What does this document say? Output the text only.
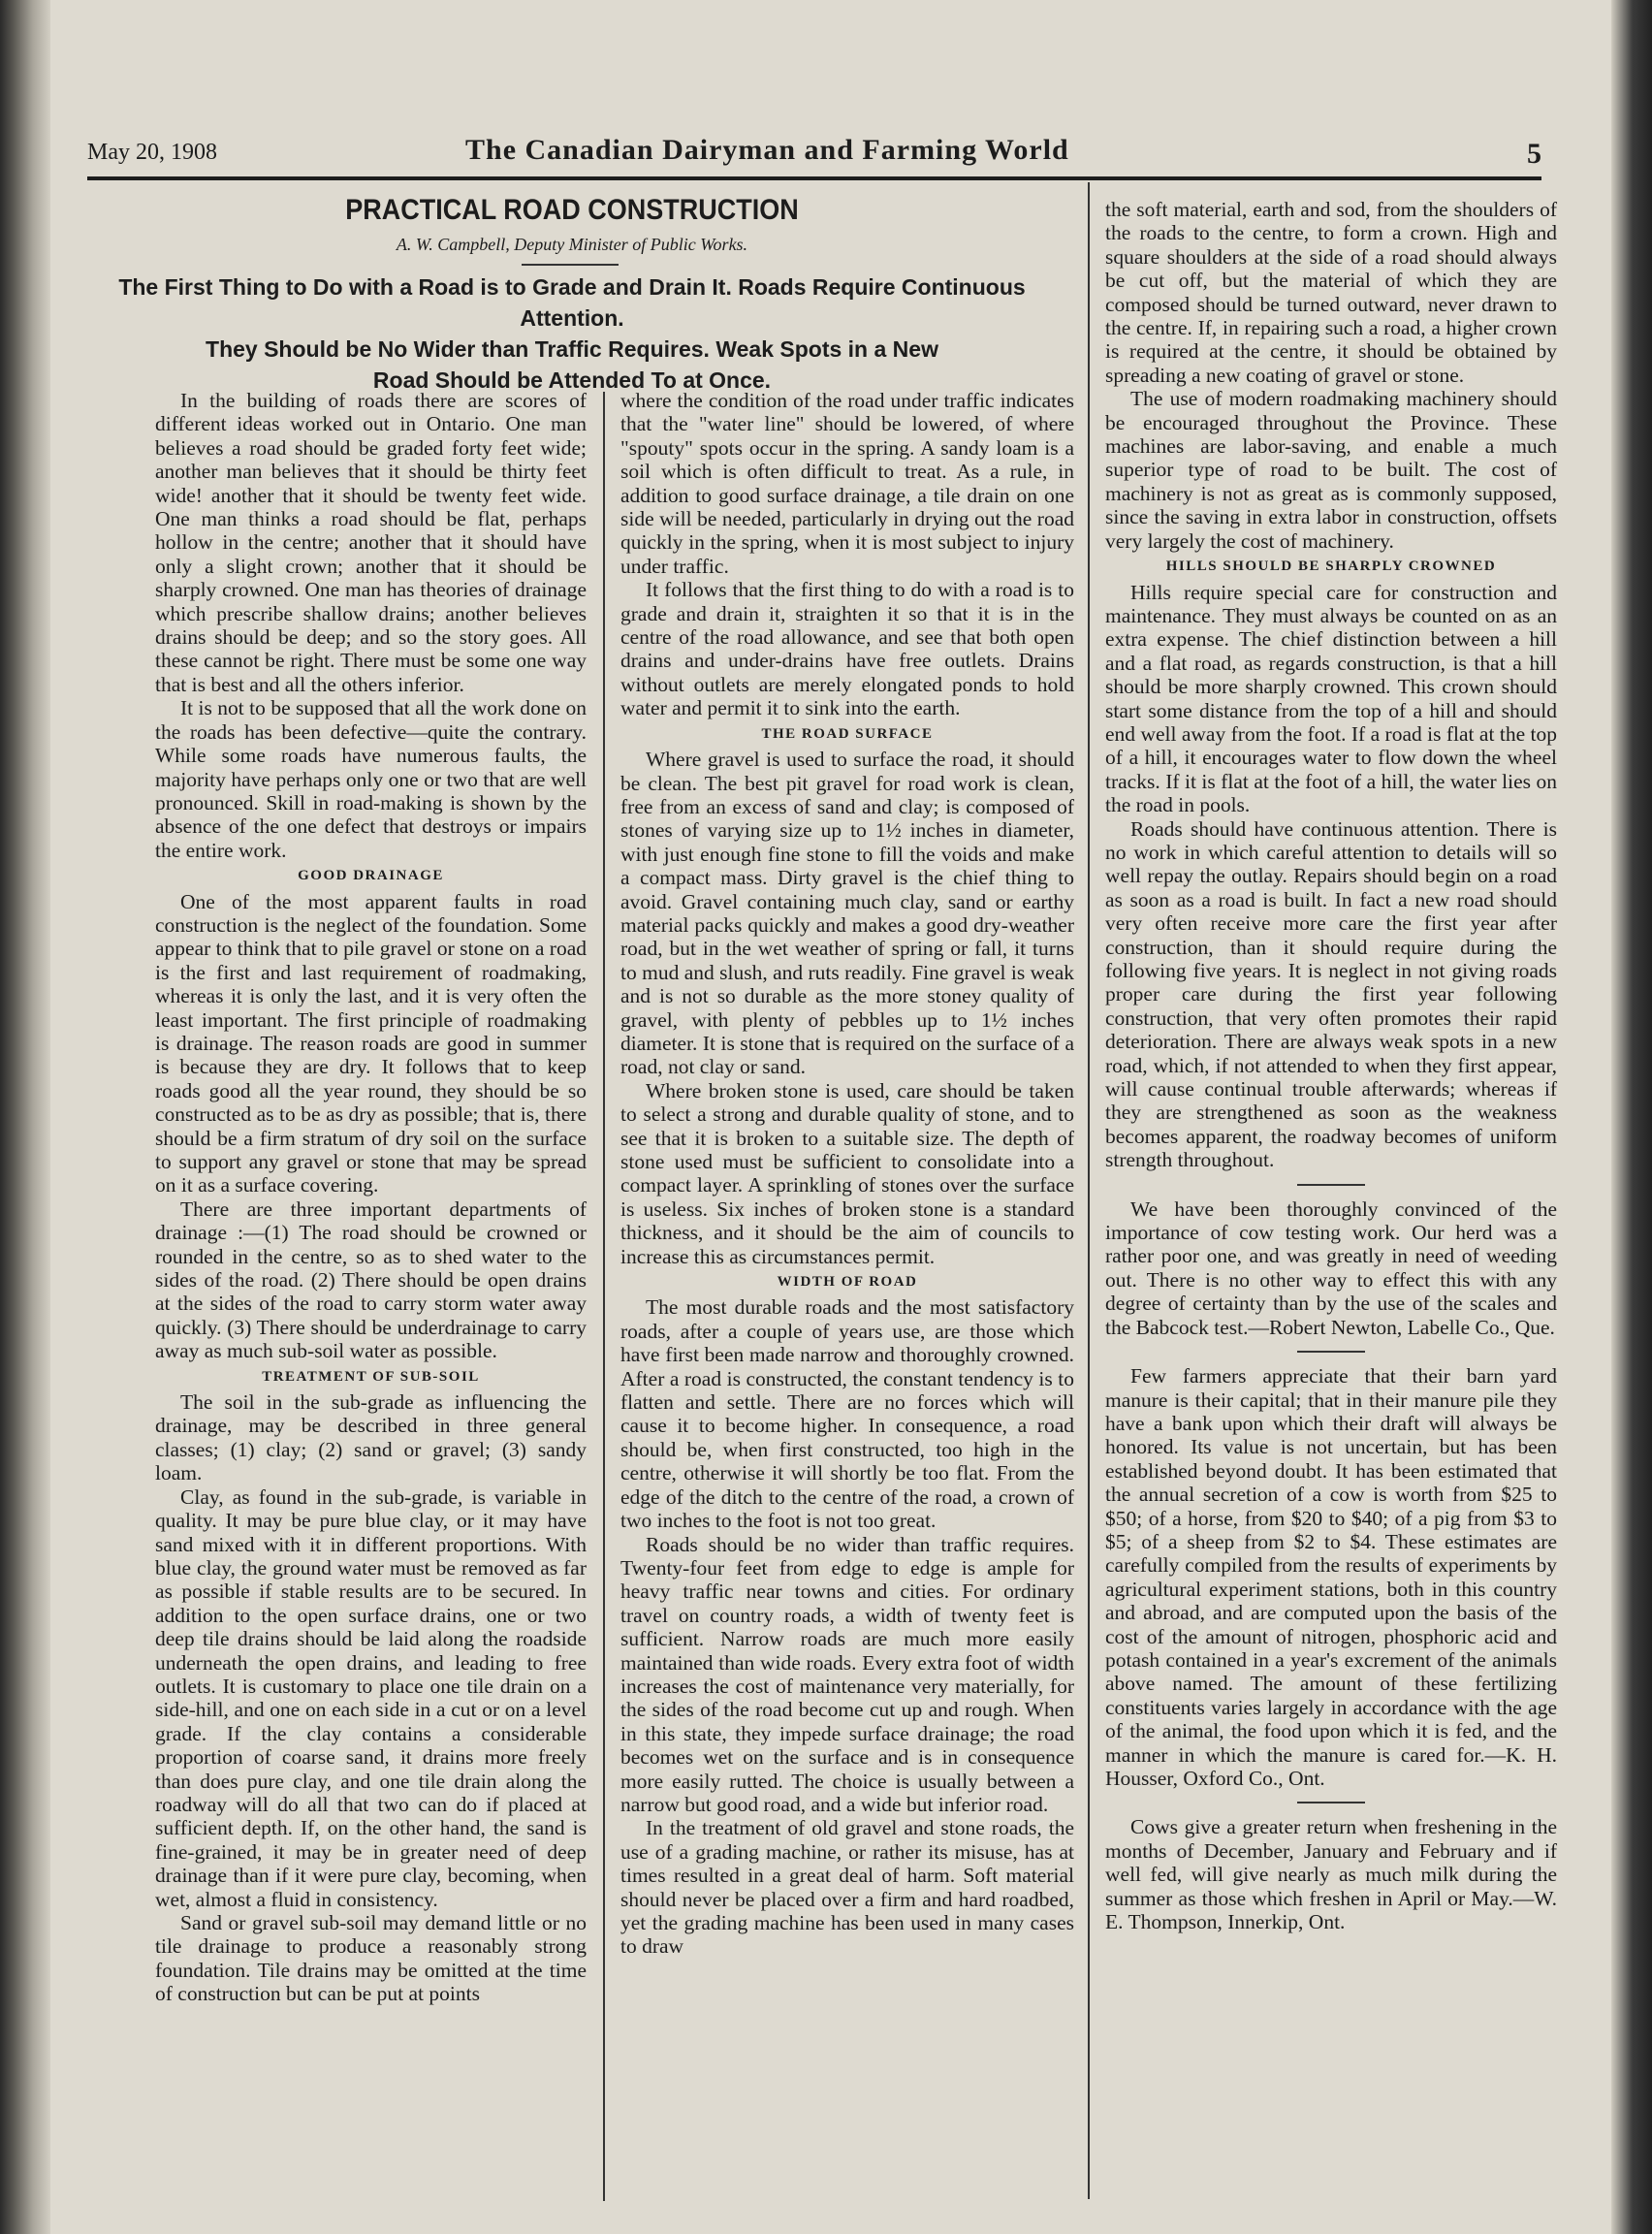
May 20, 1908	The Canadian Dairyman and Farming World	5
PRACTICAL ROAD CONSTRUCTION
A. W. Campbell, Deputy Minister of Public Works.
The First Thing to Do with a Road is to Grade and Drain It. Roads Require Continuous Attention.
They Should be No Wider than Traffic Requires. Weak Spots in a New
Road Should be Attended To at Once.

In the building of roads there are scores of different ideas worked out in Ontario. One man believes a road should be graded forty feet wide; another man believes that it should be thirty feet wide! another that it should be twenty feet wide. One man thinks a road should be flat, perhaps hollow in the centre; another that it should have only a slight crown; another that it should be sharply crowned. One man has theories of drainage which prescribe shallow drains; another believes drains should be deep; and so the story goes. All these cannot be right. There must be some one way that is best and all the others inferior.

It is not to be supposed that all the work done on the roads has been defective—quite the contrary. While some roads have numerous faults, the majority have perhaps only one or two that are well pronounced. Skill in road-making is shown by the absence of the one defect that destroys or impairs the entire work.

GOOD DRAINAGE

One of the most apparent faults in road construction is the neglect of the foundation. Some appear to think that to pile gravel or stone on a road is the first and last requirement of roadmaking, whereas it is only the last, and it is very often the least important. The first principle of roadmaking is drainage. The reason roads are good in summer is because they are dry. It follows that to keep roads good all the year round, they should be so constructed as to be as dry as possible; that is, there should be a firm stratum of dry soil on the surface to support any gravel or stone that may be spread on it as a surface covering.

There are three important departments of drainage :—(1) The road should be crowned or rounded in the centre, so as to shed water to the sides of the road. (2) There should be open drains at the sides of the road to carry storm water away quickly. (3) There should be underdrainage to carry away as much sub-soil water as possible.

TREATMENT OF SUB-SOIL

The soil in the sub-grade as influencing the drainage, may be described in three general classes; (1) clay; (2) sand or gravel; (3) sandy loam.

Clay, as found in the sub-grade, is variable in quality. It may be pure blue clay, or it may have sand mixed with it in different proportions. With blue clay, the ground water must be removed as far as possible if stable results are to be secured. In addition to the open surface drains, one or two deep tile drains should be laid along the roadside underneath the open drains, and leading to free outlets. It is customary to place one tile drain on a side-hill, and one on each side in a cut or on a level grade. If the clay contains a considerable proportion of coarse sand, it drains more freely than does pure clay, and one tile drain along the roadway will do all that two can do if placed at sufficient depth. If, on the other hand, the sand is fine-grained, it may be in greater need of deep drainage than if it were pure clay, becoming, when wet, almost a fluid in consistency.

Sand or gravel sub-soil may demand little or no tile drainage to produce a reasonably strong foundation. Tile drains may be omitted at the time of construction but can be put at points

where the condition of the road under traffic indicates that the "water line" should be lowered, of where "spouty" spots occur in the spring. A sandy loam is a soil which is often difficult to treat. As a rule, in addition to good surface drainage, a tile drain on one side will be needed, particularly in drying out the road quickly in the spring, when it is most subject to injury under traffic.

It follows that the first thing to do with a road is to grade and drain it, straighten it so that it is in the centre of the road allowance, and see that both open drains and under-drains have free outlets. Drains without outlets are merely elongated ponds to hold water and permit it to sink into the earth.

THE ROAD SURFACE

Where gravel is used to surface the road, it should be clean. The best pit gravel for road work is clean, free from an excess of sand and clay; is composed of stones of varying size up to 1½ inches in diameter, with just enough fine stone to fill the voids and make a compact mass. Dirty gravel is the chief thing to avoid. Gravel containing much clay, sand or earthy material packs quickly and makes a good dry-weather road, but in the wet weather of spring or fall, it turns to mud and slush, and ruts readily. Fine gravel is weak and is not so durable as the more stoney quality of gravel, with plenty of pebbles up to 1½ inches diameter. It is stone that is required on the surface of a road, not clay or sand.

Where broken stone is used, care should be taken to select a strong and durable quality of stone, and to see that it is broken to a suitable size. The depth of stone used must be sufficient to consolidate into a compact layer. A sprinkling of stones over the surface is useless. Six inches of broken stone is a standard thickness, and it should be the aim of councils to increase this as circumstances permit.

WIDTH OF ROAD

The most durable roads and the most satisfactory roads, after a couple of years use, are those which have first been made narrow and thoroughly crowned. After a road is constructed, the constant tendency is to flatten and settle. There are no forces which will cause it to become higher. In consequence, a road should be, when first constructed, too high in the centre, otherwise it will shortly be too flat. From the edge of the ditch to the centre of the road, a crown of two inches to the foot is not too great.

Roads should be no wider than traffic requires. Twenty-four feet from edge to edge is ample for heavy traffic near towns and cities. For ordinary travel on country roads, a width of twenty feet is sufficient. Narrow roads are much more easily maintained than wide roads. Every extra foot of width increases the cost of maintenance very materially, for the sides of the road become cut up and rough. When in this state, they impede surface drainage; the road becomes wet on the surface and is in consequence more easily rutted. The choice is usually between a narrow but good road, and a wide but inferior road.

In the treatment of old gravel and stone roads, the use of a grading machine, or rather its misuse, has at times resulted in a great deal of harm. Soft material should never be placed over a firm and hard roadbed, yet the grading machine has been used in many cases to draw

the soft material, earth and sod, from the shoulders of the roads to the centre, to form a crown. High and square shoulders at the side of a road should always be cut off, but the material of which they are composed should be turned outward, never drawn to the centre. If, in repairing such a road, a higher crown is required at the centre, it should be obtained by spreading a new coating of gravel or stone.

The use of modern roadmaking machinery should be encouraged throughout the Province. These machines are labor-saving, and enable a much superior type of road to be built. The cost of machinery is not as great as is commonly supposed, since the saving in extra labor in construction, offsets very largely the cost of machinery.

HILLS SHOULD BE SHARPLY CROWNED

Hills require special care for construction and maintenance. They must always be counted on as an extra expense. The chief distinction between a hill and a flat road, as regards construction, is that a hill should be more sharply crowned. This crown should start some distance from the top of a hill and should end well away from the foot. If a road is flat at the top of a hill, it encourages water to flow down the wheel tracks. If it is flat at the foot of a hill, the water lies on the road in pools.

Roads should have continuous attention. There is no work in which careful attention to details will so well repay the outlay. Repairs should begin on a road as soon as a road is built. In fact a new road should very often receive more care the first year after construction, than it should require during the following five years. It is neglect in not giving roads proper care during the first year following construction, that very often promotes their rapid deterioration. There are always weak spots in a new road, which, if not attended to when they first appear, will cause continual trouble afterwards; whereas if they are strengthened as soon as the weakness becomes apparent, the roadway becomes of uniform strength throughout.

We have been thoroughly convinced of the importance of cow testing work. Our herd was a rather poor one, and was greatly in need of weeding out. There is no other way to effect this with any degree of certainty than by the use of the scales and the Babcock test.—Robert Newton, Labelle Co., Que.

Few farmers appreciate that their barn yard manure is their capital; that in their manure pile they have a bank upon which their draft will always be honored. Its value is not uncertain, but has been established beyond doubt. It has been estimated that the annual secretion of a cow is worth from $25 to $50; of a horse, from $20 to $40; of a pig from $3 to $5; of a sheep from $2 to $4. These estimates are carefully compiled from the results of experiments by agricultural experiment stations, both in this country and abroad, and are computed upon the basis of the cost of the amount of nitrogen, phosphoric acid and potash contained in a year's excrement of the animals above named. The amount of these fertilizing constituents varies largely in accordance with the age of the animal, the food upon which it is fed, and the manner in which the manure is cared for.—K. H. Housser, Oxford Co., Ont.

Cows give a greater return when freshening in the months of December, January and February and if well fed, will give nearly as much milk during the summer as those which freshen in April or May.—W. E. Thompson, Innerkip, Ont.
